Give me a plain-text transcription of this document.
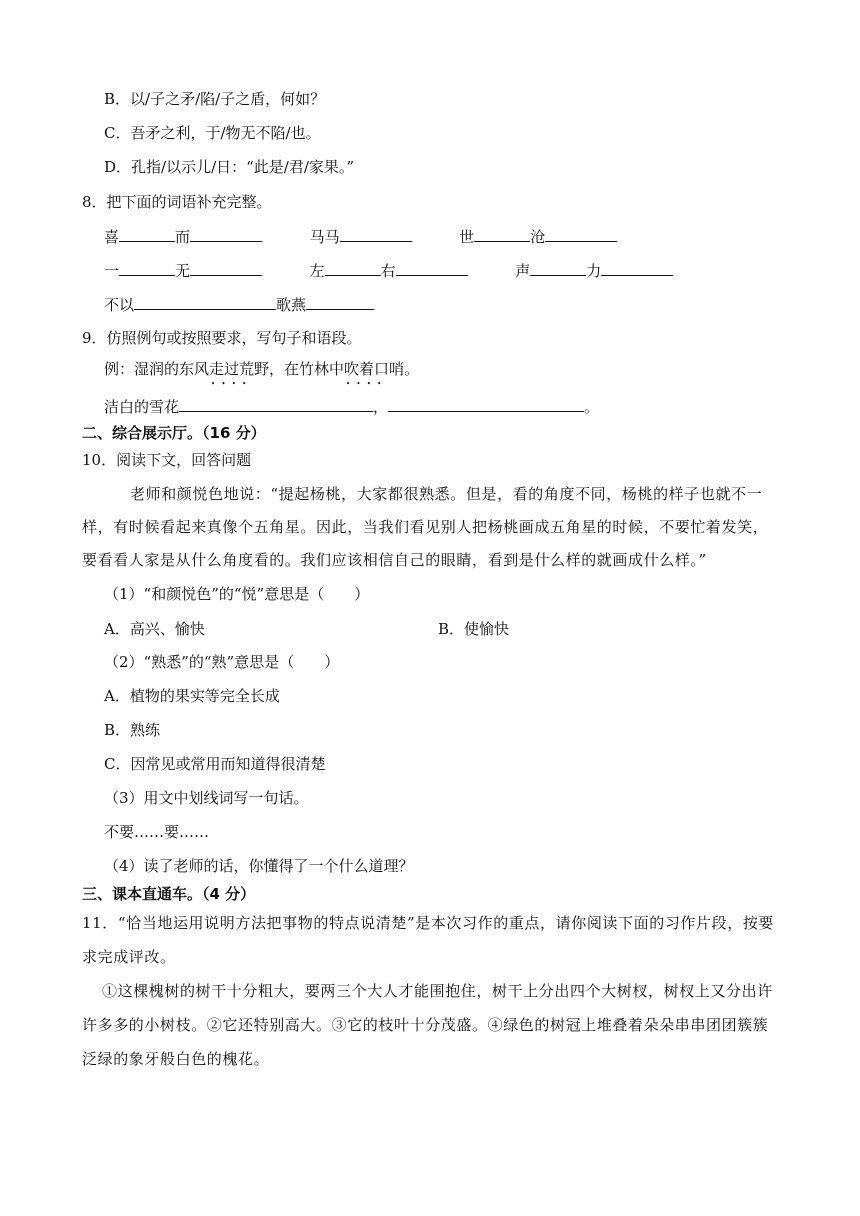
B．以/子之矛/陷/子之盾，何如？
C．吾矛之利，于/物无不陷/也。
D．孔指/以示儿/日：“此是/君/家果。”
8．把下面的词语补充完整。
喜	而	马马	世	沧
一	无	左	右	声	力
不以	歌燕
9．仿照例句或按照要求，写句子和语段。
例：湿润的东风走过荒野 • • • •，在竹林中吹着口哨 • • • •。
洁白的雪花	，	。
二、综合展示厅。（16 分）
10．阅读下文，回答问题
老师和颜悦色地说：“提起杨桃，大家都很熟悉。但是，看的角度不同，杨桃的样子也就不一样，有时候看起来真像个五角星。因此，当我们看见别人把杨桃画成五角星的时候，不要忙着发笑，要看看人家是从什么角度看的。我们应该相信自己的眼睛，看到是什么样的就画成什么样。”
（1）“和颜悦色”的“悦”意思是（　　）
A．高兴、愉快	B．使愉快
（2）“熟悉”的“熟”意思是（　　）
A．植物的果实等完全长成
B．熟练
C．因常见或常用而知道得很清楚
（3）用文中划线词写一句话。
不要……要……
（4）读了老师的话，你懂得了一个什么道理？
三、课本直通车。（4 分）
11．“恰当地运用说明方法把事物的特点说清楚”是本次习作的重点，请你阅读下面的习作片段，按要求完成评改。
①这棵槐树的树干十分粗大，要两三个大人才能围抱住，树干上分出四个大树杈，树杈上又分出许许多多的小树枝。②它还特别高大。③它的枝叶十分茂盛。④绿色的树冠上堆叠着朵朵串串团团簇簇泛绿的象牙般白色的槐花。
